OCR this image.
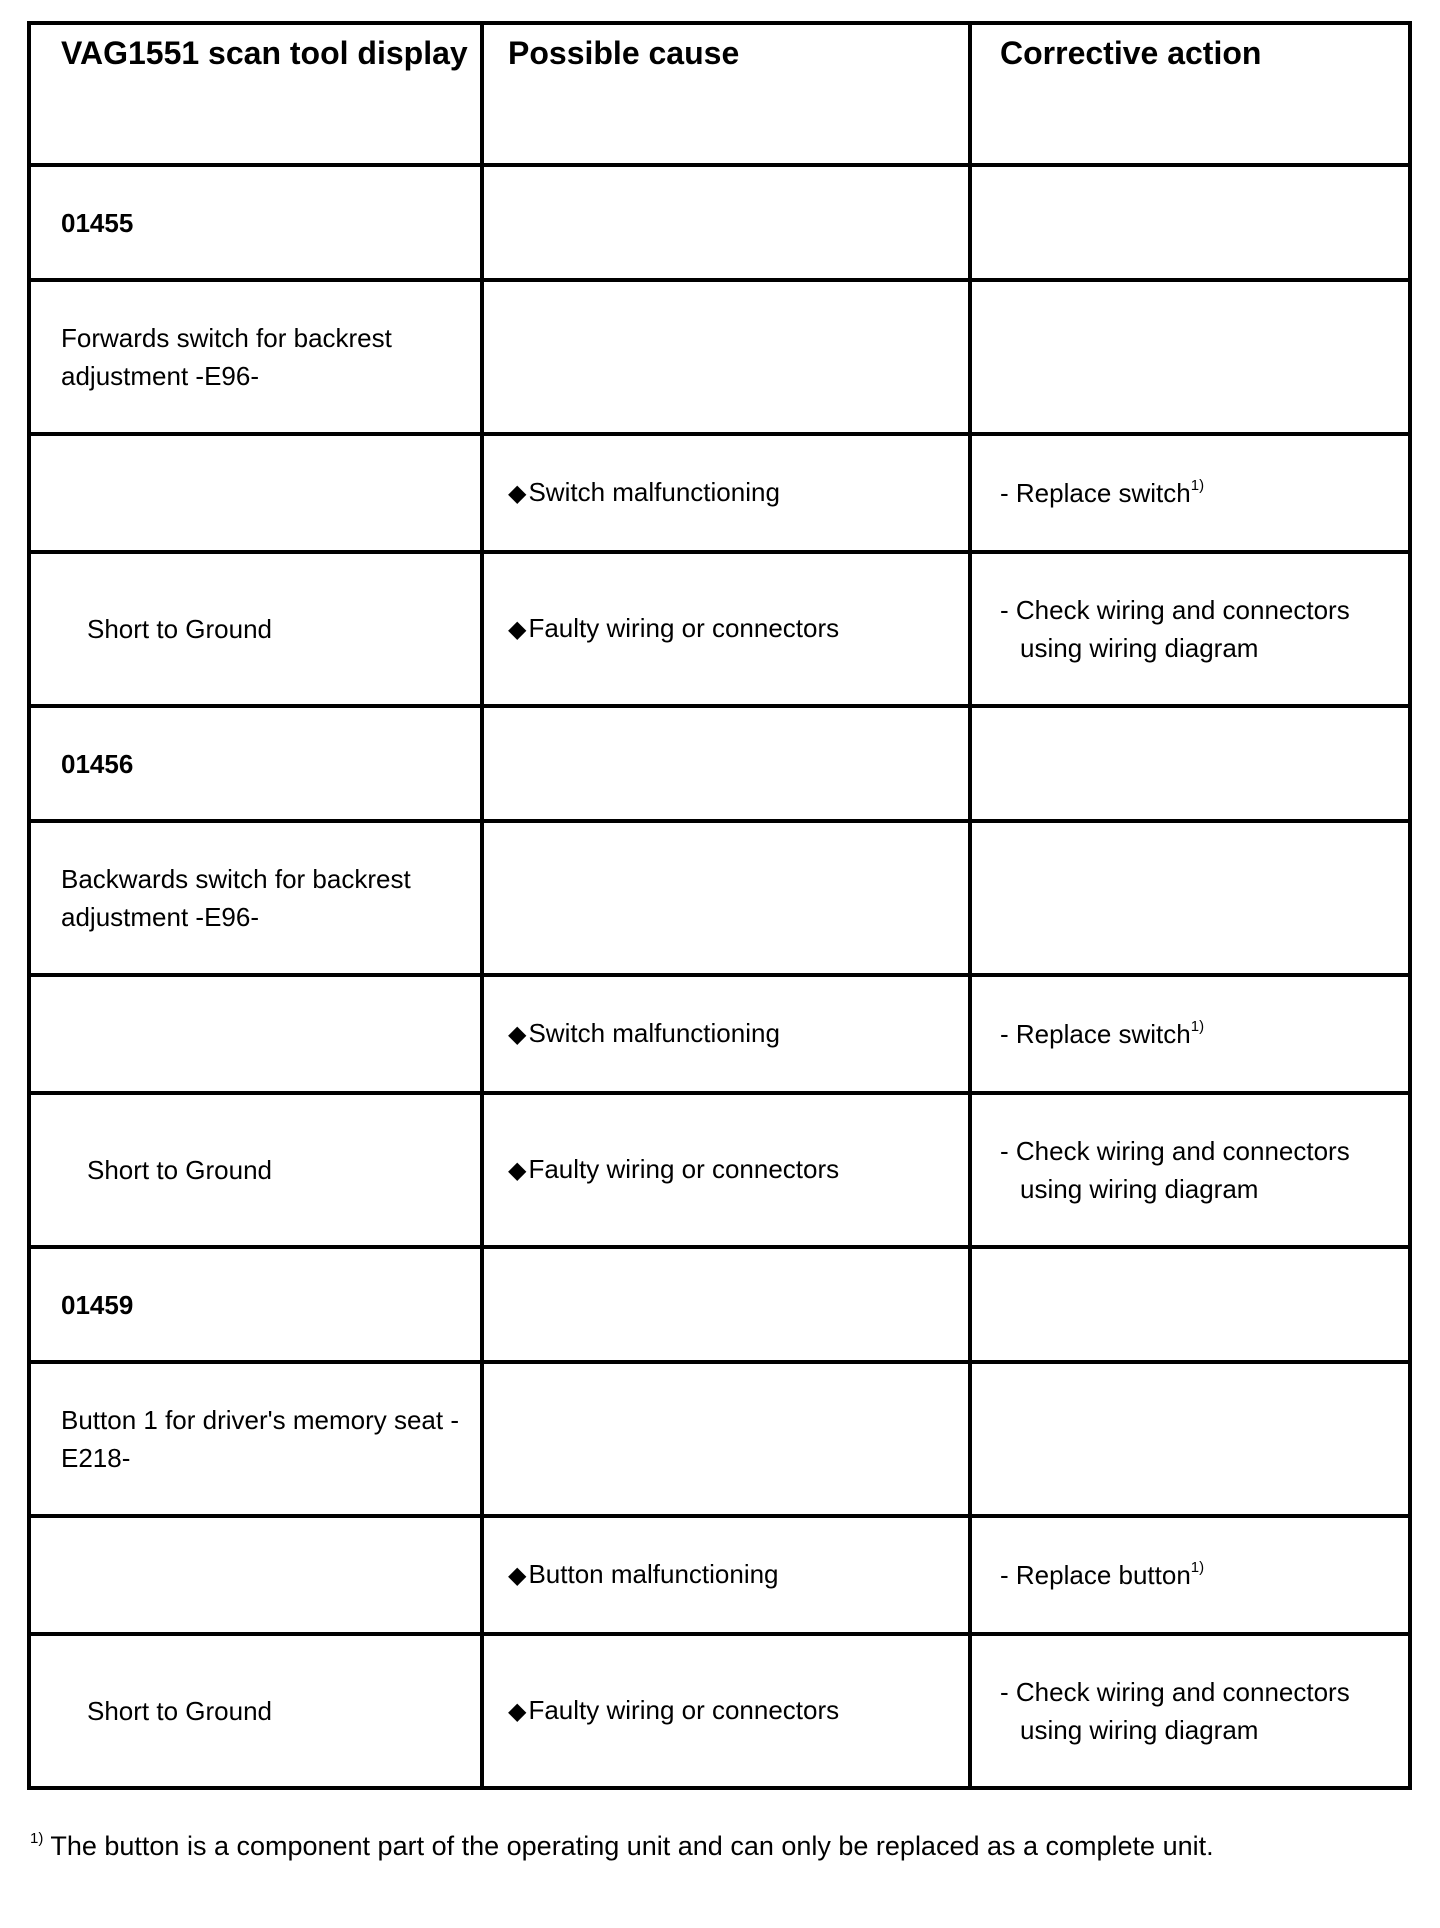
VAG1551 scan tool display	Possible cause	Corrective action
01455		
Forwards switch for backrest adjustment -E96-		
	◆Switch malfunctioning	- Replace switch$^{1)}$

Short to Ground	◆Faulty wiring or connectors	- Check wiring and connectors
using wiring diagram

01456		
Backwards switch for backrest adjustment -E96-		
	◆Switch malfunctioning	- Replace switch$^{1)}$

Short to Ground	◆Faulty wiring or connectors	- Check wiring and connectors
using wiring diagram

01459		
Button 1 for driver's memory seat -E218-		
	◆Button malfunctioning	- Replace button$^{1)}$

Short to Ground	◆Faulty wiring or connectors	- Check wiring and connectors
using wiring diagram
$^{1)}$ The button is a component part of the operating unit and can only be replaced as a complete unit.
